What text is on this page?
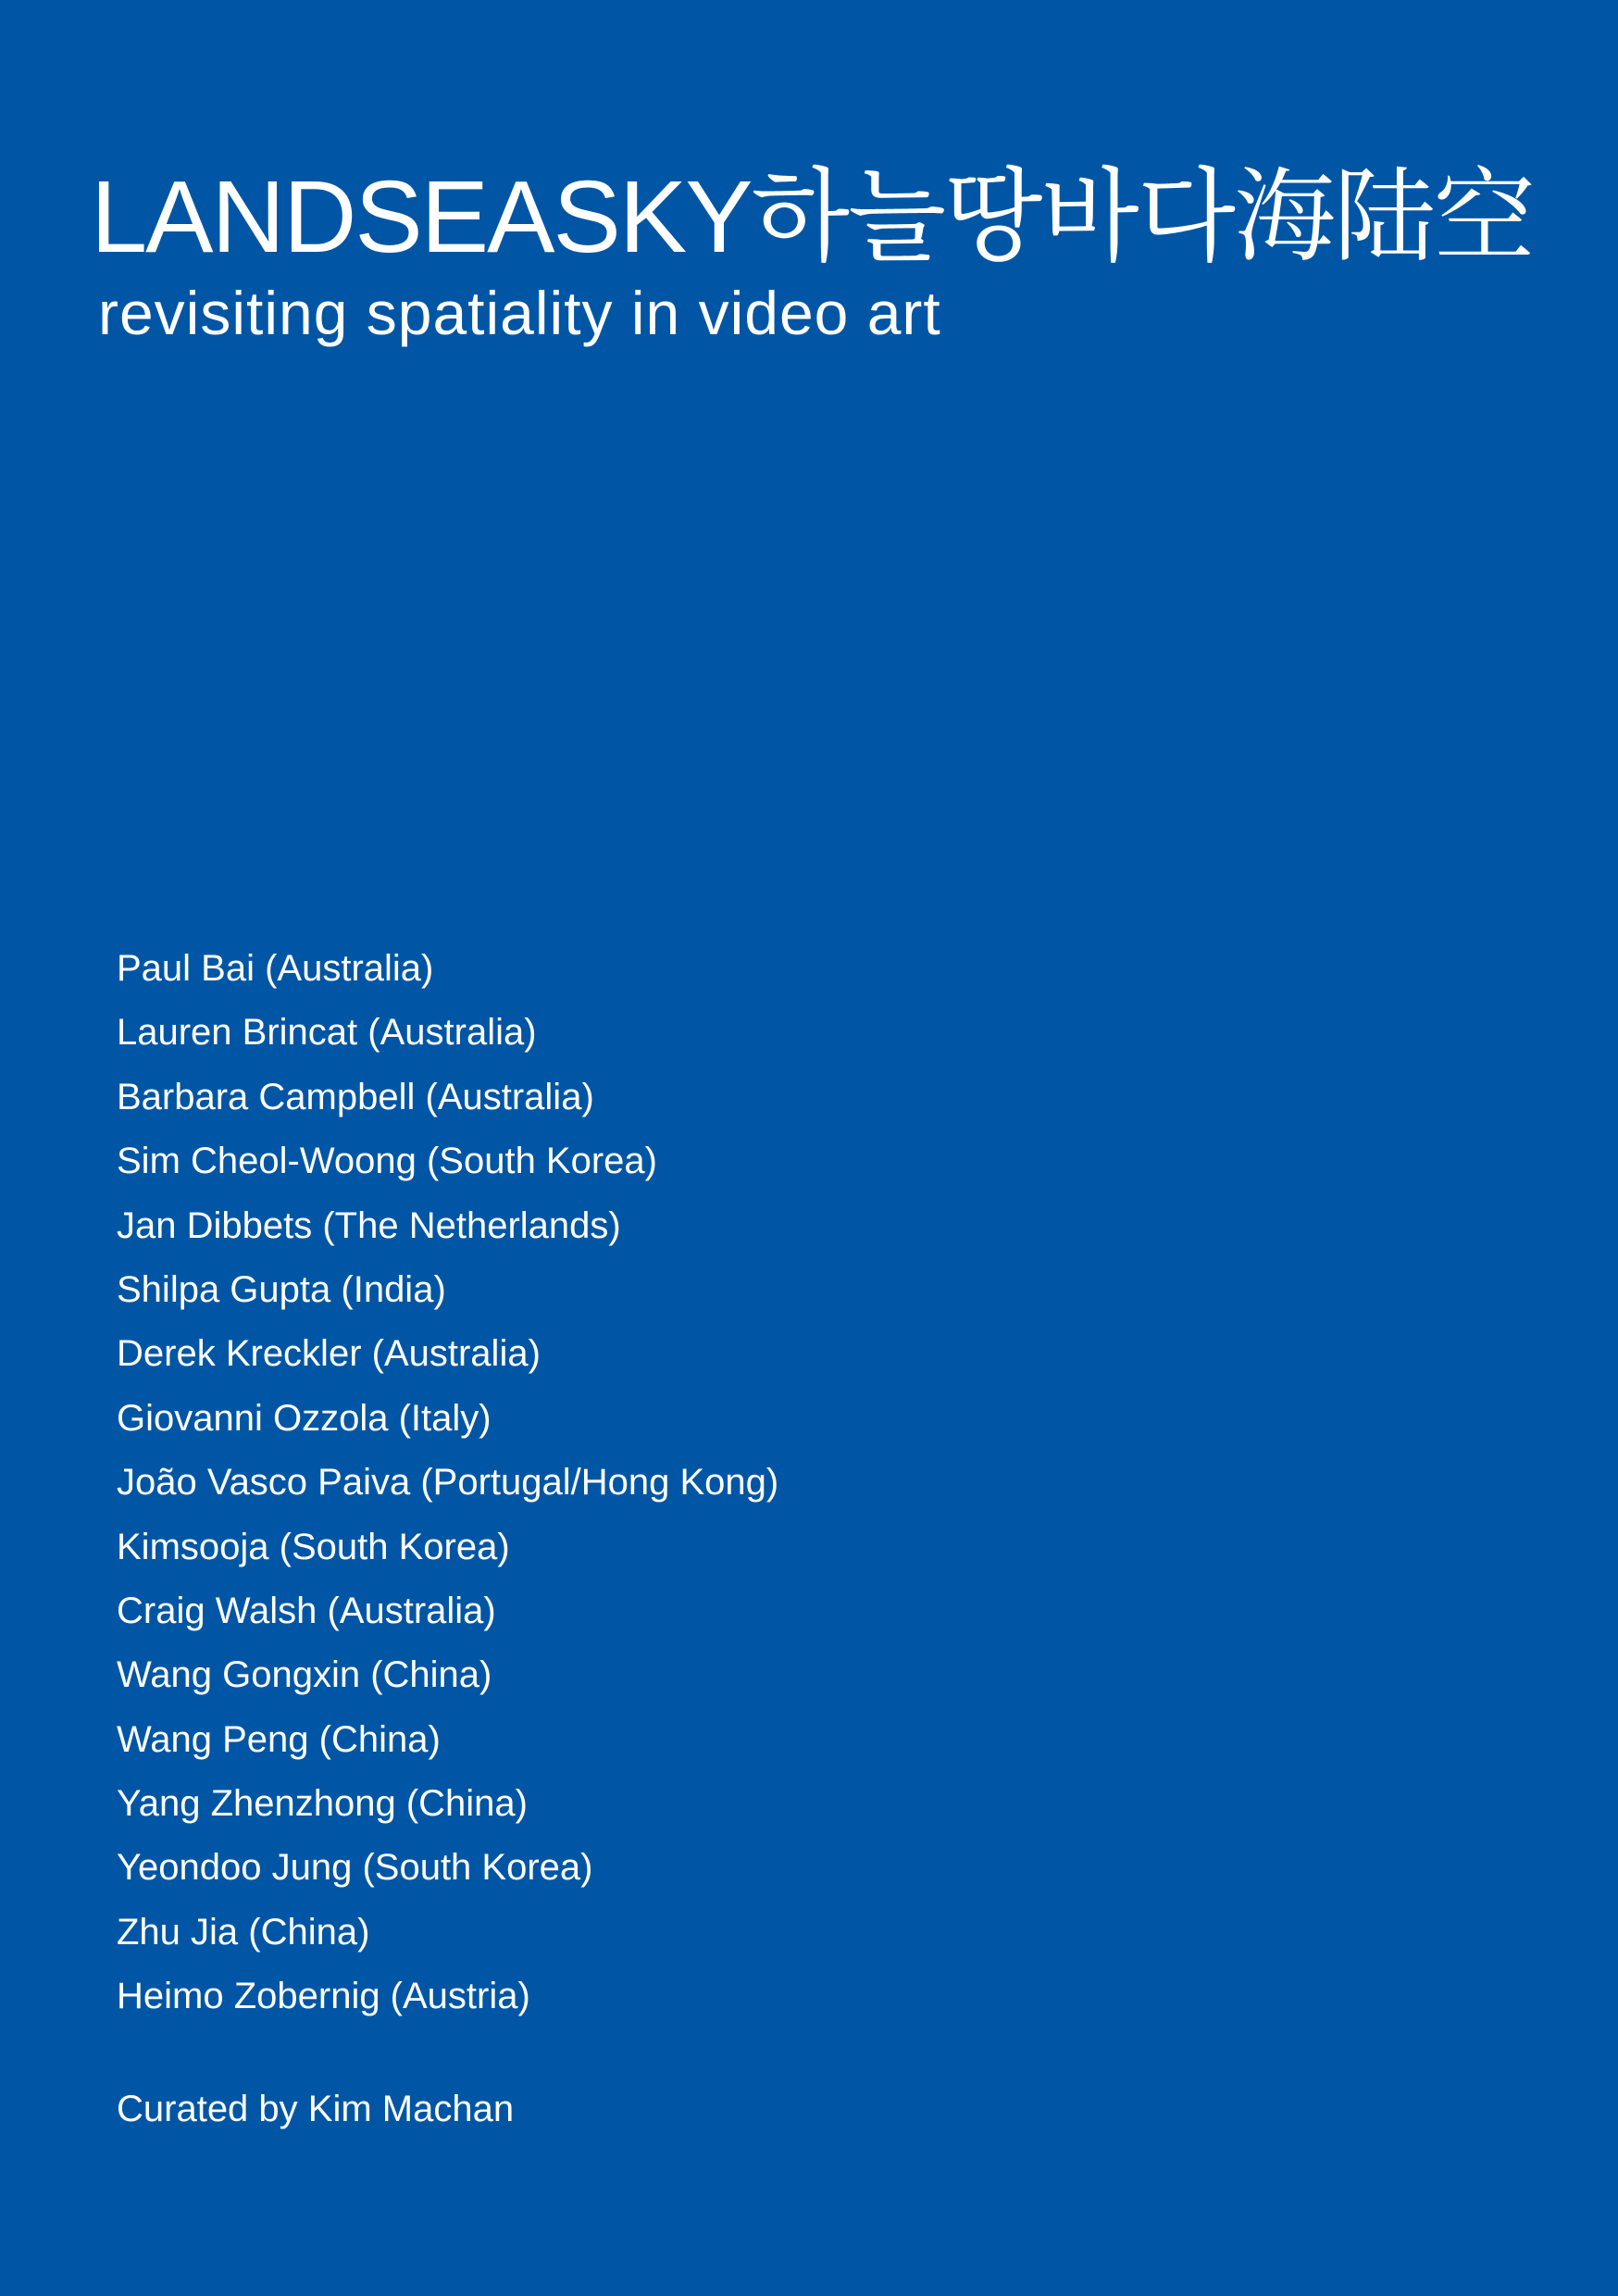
LANDSEASKY하늘땅바다海陆空
revisiting spatiality in video art
Paul Bai (Australia)
Lauren Brincat (Australia)
Barbara Campbell (Australia)
Sim Cheol-Woong (South Korea)
Jan Dibbets (The Netherlands)
Shilpa Gupta (India)
Derek Kreckler (Australia)
Giovanni Ozzola (Italy)
João Vasco Paiva (Portugal/Hong Kong)
Kimsooja (South Korea)
Craig Walsh (Australia)
Wang Gongxin (China)
Wang Peng (China)
Yang Zhenzhong (China)
Yeondoo Jung (South Korea)
Zhu Jia (China)
Heimo Zobernig (Austria)
Curated by Kim Machan
